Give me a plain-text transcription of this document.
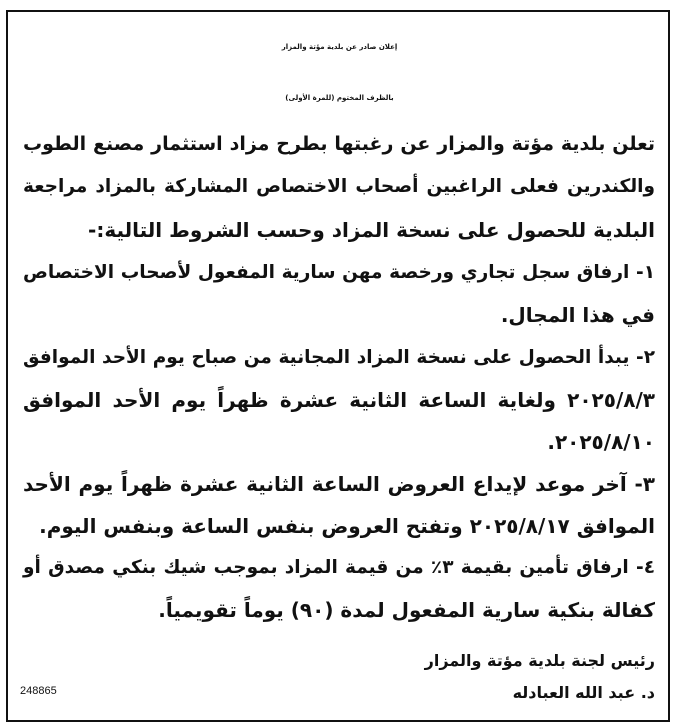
إعلان صادر عن بلدية مؤتة والمزار
بالظرف المختوم (للمرة الأولى)
تعلن بلدية مؤتة والمزار عن رغبتها بطرح مزاد استثمار مصنع الطوب
والكندرين فعلى الراغبين أصحاب الاختصاص المشاركة بالمزاد مراجعة
البلدية للحصول على نسخة المزاد وحسب الشروط التالية:-
١- ارفاق سجل تجاري ورخصة مهن سارية المفعول لأصحاب الاختصاص
في هذا المجال.
٢- يبدأ الحصول على نسخة المزاد المجانية من صباح يوم الأحد الموافق
٢٠٢٥/٨/٣ ولغاية الساعة الثانية عشرة ظهراً يوم الأحد الموافق
٢٠٢٥/٨/١٠.
٣- آخر موعد لإيداع العروض الساعة الثانية عشرة ظهراً يوم الأحد
الموافق ٢٠٢٥/٨/١٧ وتفتح العروض بنفس الساعة وبنفس اليوم.
٤- ارفاق تأمين بقيمة ٣٪ من قيمة المزاد بموجب شيك بنكي مصدق أو
كفالة بنكية سارية المفعول لمدة (٩٠) يوماً تقويمياً.
رئيس لجنة بلدية مؤتة والمزار
د. عبد الله العبادله
248865
